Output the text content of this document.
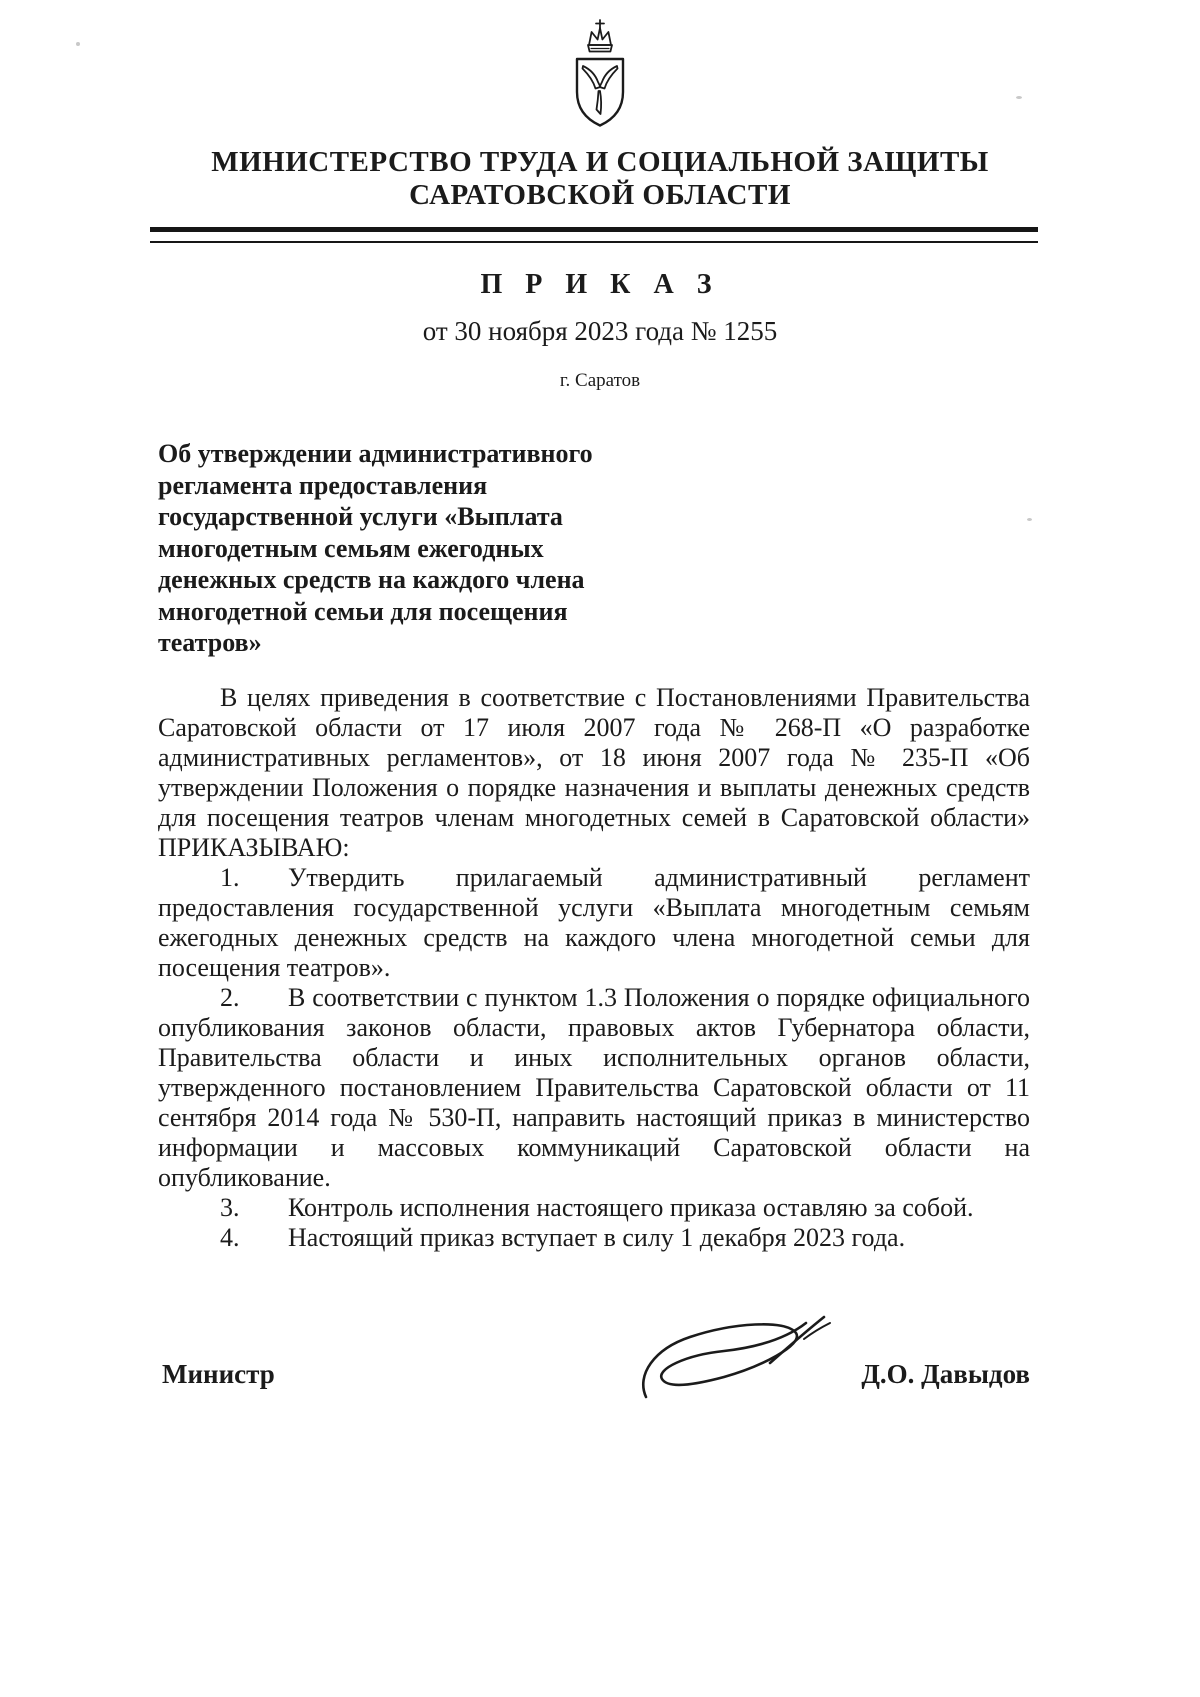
МИНИСТЕРСТВО ТРУДА И СОЦИАЛЬНОЙ ЗАЩИТЫ
САРАТОВСКОЙ ОБЛАСТИ
П Р И К А З
от 30 ноября 2023 года № 1255
г. Саратов
Об утверждении административного регламента предоставления государственной услуги «Выплата многодетным семьям ежегодных денежных средств на каждого члена многодетной семьи для посещения театров»

В целях приведения в соответствие с Постановлениями Правительства Саратовской области от 17 июля 2007 года № 268-П «О разработке административных регламентов», от 18 июня 2007 года № 235-П «Об утверждении Положения о порядке назначения и выплаты денежных средств для посещения театров членам многодетных семей в Саратовской области» ПРИКАЗЫВАЮ:

1. Утвердить прилагаемый административный регламент предоставления государственной услуги «Выплата многодетным семьям ежегодных денежных средств на каждого члена многодетной семьи для посещения театров».

2. В соответствии с пунктом 1.3 Положения о порядке официального опубликования законов области, правовых актов Губернатора области, Правительства области и иных исполнительных органов области, утвержденного постановлением Правительства Саратовской области от 11 сентября 2014 года № 530-П, направить настоящий приказ в министерство информации и массовых коммуникаций Саратовской области на опубликование.

3. Контроль исполнения настоящего приказа оставляю за собой.

4. Настоящий приказ вступает в силу 1 декабря 2023 года.

Министр	Д.О. Давыдов
